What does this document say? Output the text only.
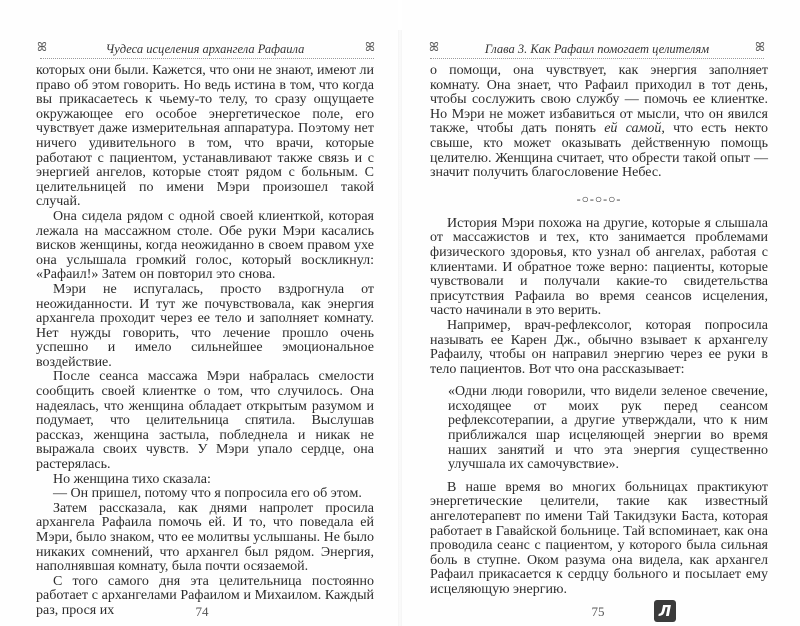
ꕤ	Чудеса исцеления архангела Рафаила	ꕤ

которых они были. Кажется, что они не знают, имеют ли право об этом говорить. Но ведь истина в том, что когда вы прикасаетесь к чьему-то телу, то сразу ощущаете окружающее его особое энергетическое поле, его чувствует даже измерительная аппаратура. Поэтому нет ничего удивительного в том, что врачи, которые работают с пациентом, устанавливают также связь и с энергией ангелов, которые стоят рядом с больным. С целительницей по имени Мэри произошел такой случай.

Она сидела рядом с одной своей клиенткой, которая лежала на массажном столе. Обе руки Мэри касались висков женщины, когда неожиданно в своем правом ухе она услышала громкий голос, который воскликнул: «Рафаил!» Затем он повторил это снова.

Мэри не испугалась, просто вздрогнула от неожиданности. И тут же почувствовала, как энергия архангела проходит через ее тело и заполняет комнату. Нет нужды говорить, что лечение прошло очень успешно и имело сильнейшее эмоциональное воздействие.

После сеанса массажа Мэри набралась смелости сообщить своей клиентке о том, что случилось. Она надеялась, что женщина обладает открытым разумом и подумает, что целительница спятила. Выслушав рассказ, женщина застыла, побледнела и никак не выражала своих чувств. У Мэри упало сердце, она растерялась.

Но женщина тихо сказала:

— Он пришел, потому что я попросила его об этом.

Затем рассказала, как днями напролет просила архангела Рафаила помочь ей. И то, что поведала ей Мэри, было знаком, что ее молитвы услышаны. Не было никаких сомнений, что архангел был рядом. Энергия, наполнявшая комнату, была почти осязаемой.

С того самого дня эта целительница постоянно работает с архангелами Рафаилом и Михаилом. Каждый раз, прося их	74
ꕤ	Глава 3. Как Рафаил помогает целителям	ꕤ

о помощи, она чувствует, как энергия заполняет комнату. Она знает, что Рафаил приходил в тот день, чтобы сослужить свою службу — помочь ее клиентке. Но Мэри не может избавиться от мысли, что он явился также, чтобы дать понять ей самой, что есть некто свыше, кто может оказывать действенную помощь целителю. Женщина считает, что обрести такой опыт — значит получить благословение Небес.

-○-○-○-

История Мэри похожа на другие, которые я слышала от массажистов и тех, кто занимается проблемами физического здоровья, кто узнал об ангелах, работая с клиентами. И обратное тоже верно: пациенты, которые чувствовали и получали какие-то свидетельства присутствия Рафаила во время сеансов исцеления, часто начинали в это верить.

Например, врач-рефлексолог, которая попросила называть ее Карен Дж., обычно взывает к архангелу Рафаилу, чтобы он направил энергию через ее руки в тело пациентов. Вот что она рассказывает:

«Одни люди говорили, что видели зеленое свечение, исходящее от моих рук перед сеансом рефлексотерапии, а другие утверждали, что к ним приближался шар исцеляющей энергии во время наших занятий и что эта энергия существенно улучшала их самочувствие».

В наше время во многих больницах практикуют энергетические целители, такие как известный ангелотерапевт по имени Тай Такидзуки Баста, которая работает в Гавайской больнице. Тай вспоминает, как она проводила сеанс с пациентом, у которого была сильная боль в ступне. Оком разума она видела, как архангел Рафаил прикасается к сердцу больного и посылает ему исцеляющую энергию.

75	Л
